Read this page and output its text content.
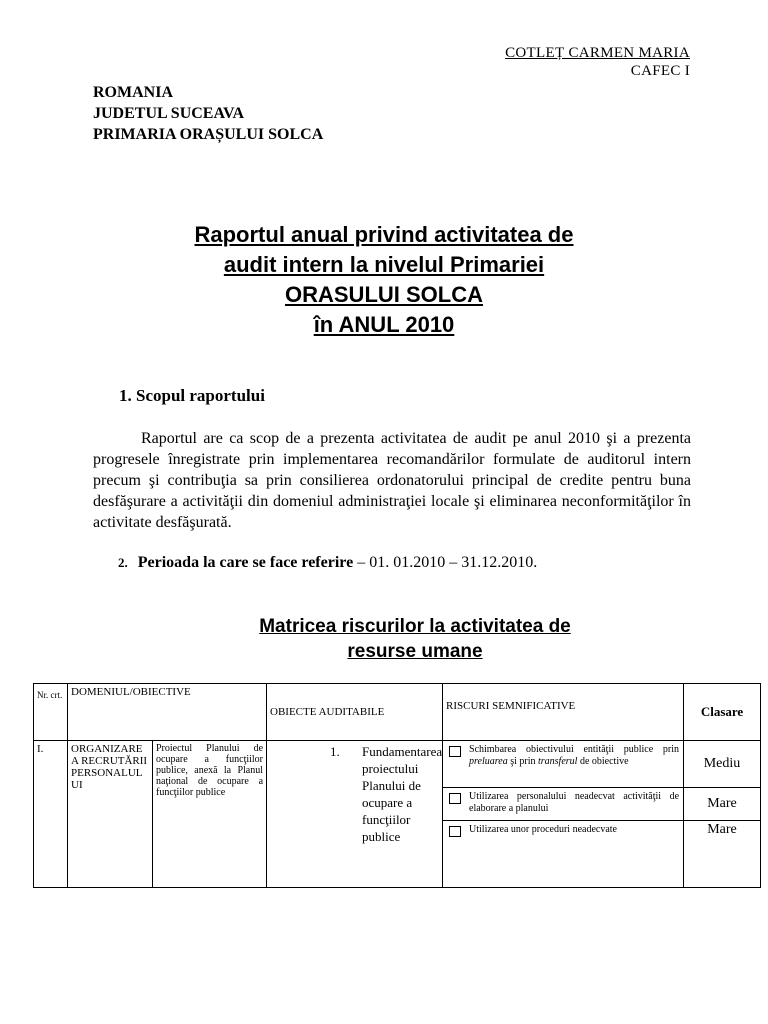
COTLEȚ CARMEN MARIA
CAFEC I
ROMANIA
JUDETUL SUCEAVA
PRIMARIA ORAȘULUI SOLCA
Raportul anual privind activitatea de
audit intern la nivelul Primariei
ORASULUI SOLCA
în ANUL 2010
1. Scopul raportului
Raportul are ca scop de a prezenta activitatea de audit pe anul 2010 şi a prezenta progresele înregistrate prin implementarea recomandărilor formulate de auditorul intern precum şi contribuţia sa prin consilierea ordonatorului principal de credite pentru buna desfăşurare a activităţii din domeniul administraţiei locale şi eliminarea neconformităţilor în activitate desfăşurată.
2. Perioada la care se face referire – 01. 01.2010 – 31.12.2010.
Matricea riscurilor la activitatea de
resurse umane
Nr. crt.	DOMENIUL/OBIECTIVE		OBIECTE AUDITABILE	RISCURI SEMNIFICATIVE	Clasare
I.	ORGANIZAREA RECRUTĂRII PERSONALULUI	Proiectul Planului de ocupare a funcţiilor publice, anexă la Planul naţional de ocupare a funcţiilor publice	1. Fundamentarea proiectului Planului de ocupare a funcţiilor publice	Schimbarea obiectivului entităţii publice prin preluarea şi prin transferul de obiective	Mediu

				Utilizarea personalului neadecvat activităţii de elaborare a planului	Mare

				Utilizarea unor proceduri neadecvate	Mare
